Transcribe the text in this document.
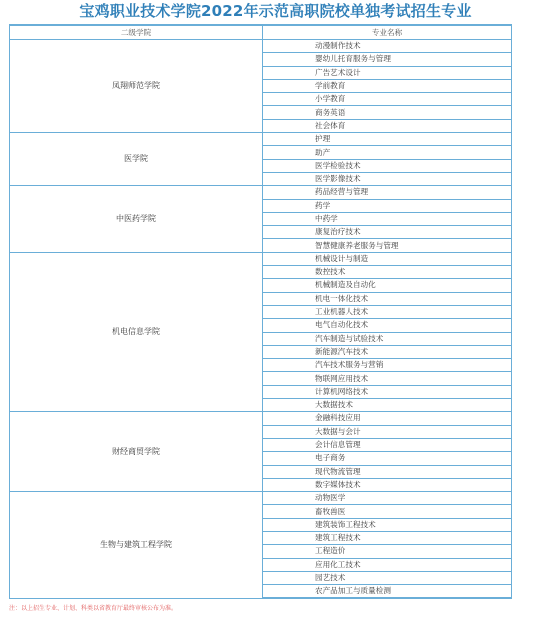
宝鸡职业技术学院2022年示范高职院校单独考试招生专业
二级学院	专业名称
凤翔师范学院	动漫制作技术
	婴幼儿托育服务与管理
	广告艺术设计
	学前教育
	小学教育
	商务英语
	社会体育
医学院	护理
	助产
	医学检验技术
	医学影像技术
中医药学院	药品经营与管理
	药学
	中药学
	康复治疗技术
	智慧健康养老服务与管理
机电信息学院	机械设计与制造
	数控技术
	机械制造及自动化
	机电一体化技术
	工业机器人技术
	电气自动化技术
	汽车制造与试验技术
	新能源汽车技术
	汽车技术服务与营销
	物联网应用技术
	计算机网络技术
	大数据技术
财经商贸学院	金融科技应用
	大数据与会计
	会计信息管理
	电子商务
	现代物流管理
	数字媒体技术
生物与建筑工程学院	动物医学
	畜牧兽医
	建筑装饰工程技术
	建筑工程技术
	工程造价
	应用化工技术
	园艺技术
	农产品加工与质量检测
注：以上招生专业、计划、科类以省教育厅最终审核公布为准。
